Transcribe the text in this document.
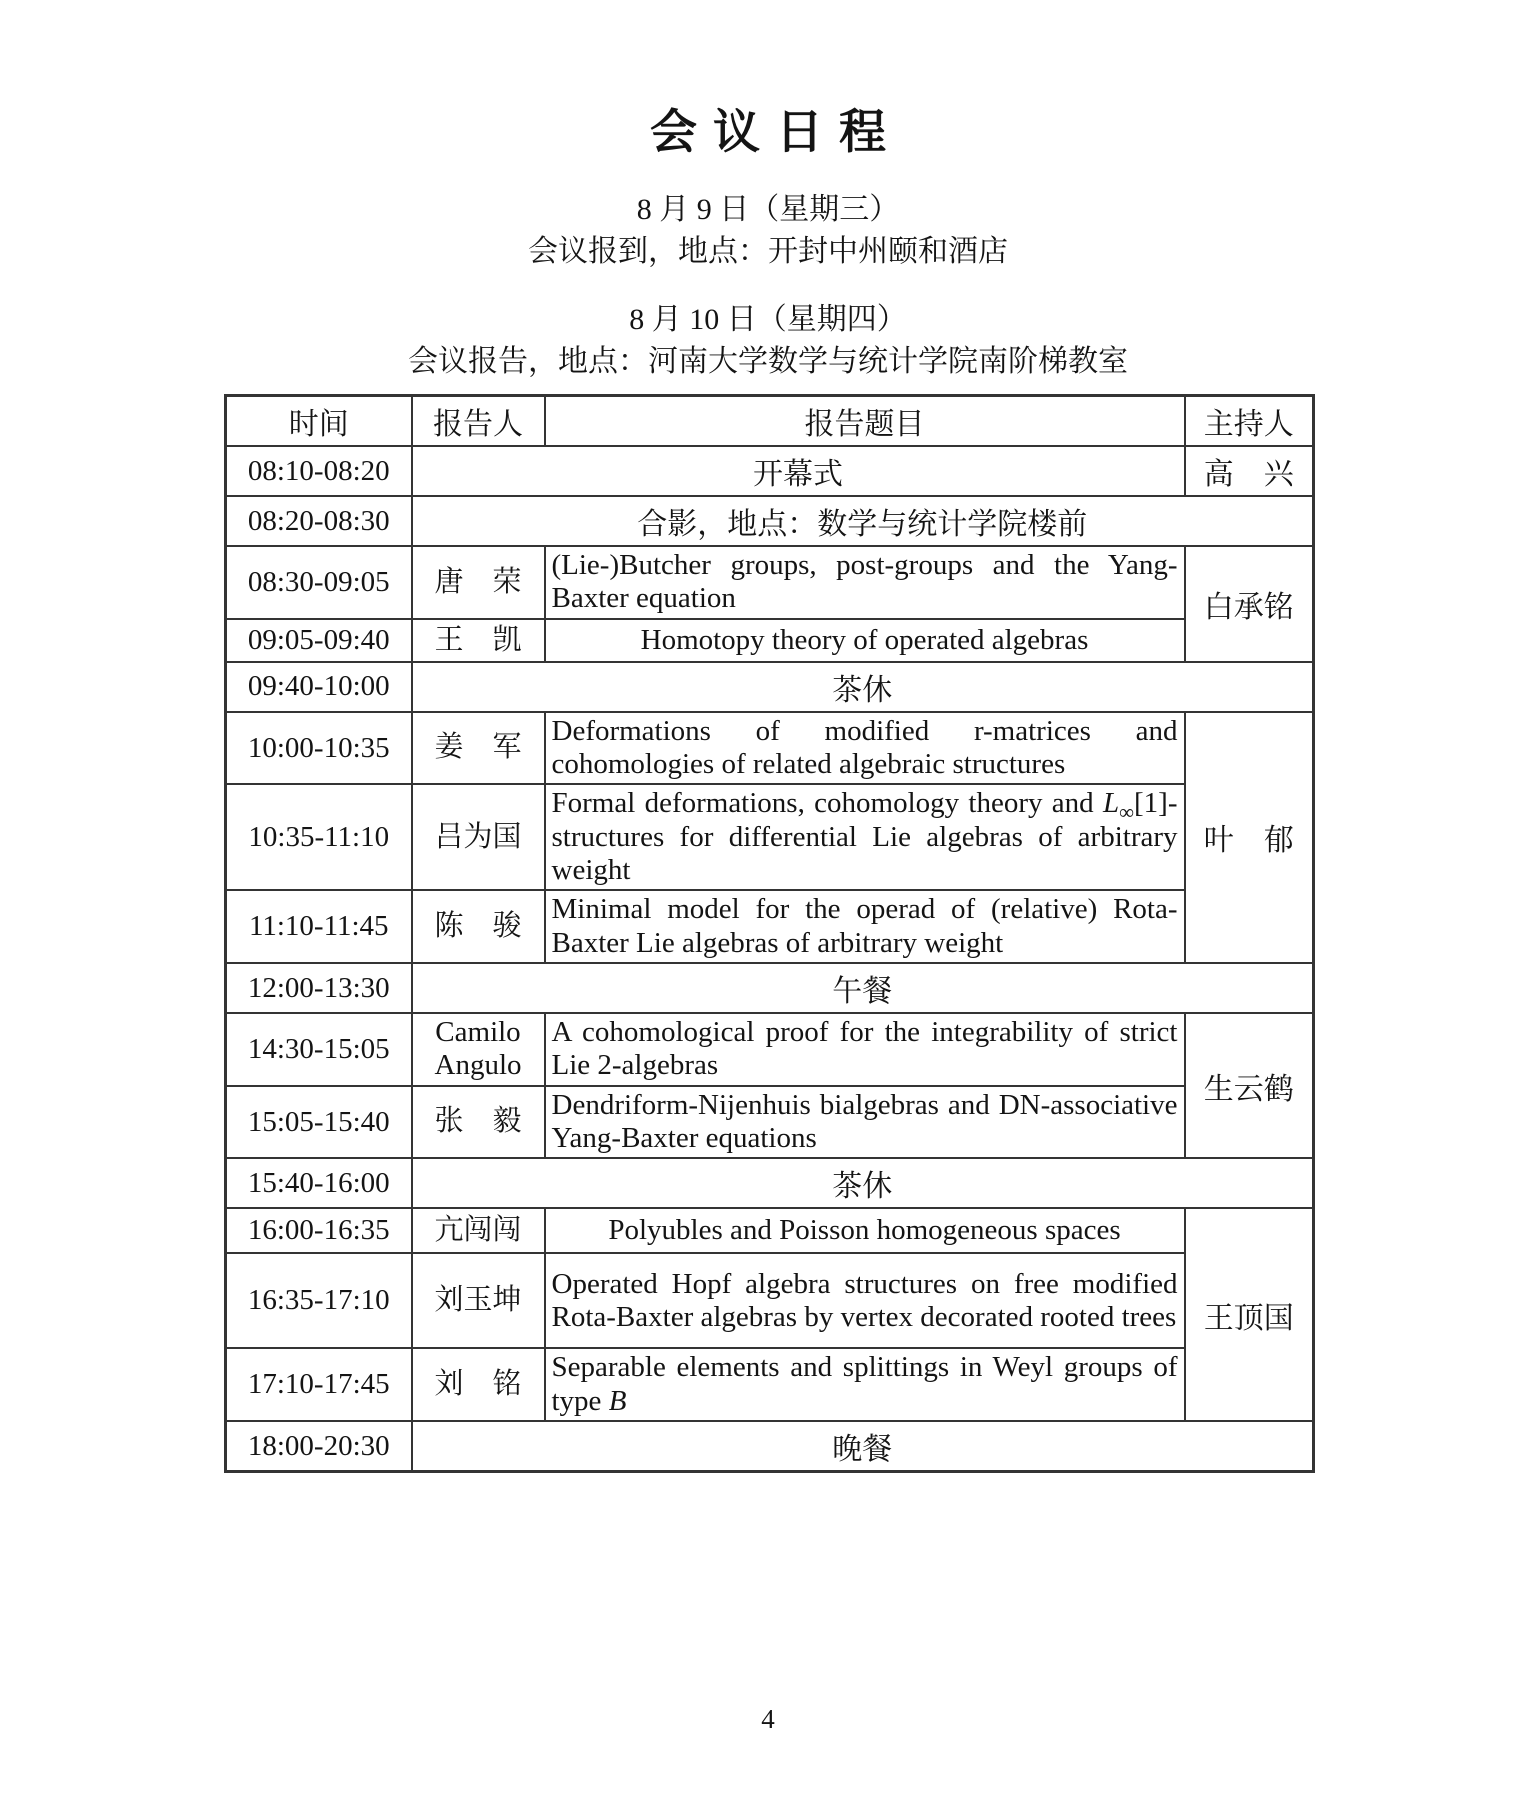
会议日程
8 月 9 日（星期三）
会议报到，地点：开封中州颐和酒店
8 月 10 日（星期四）
会议报告，地点：河南大学数学与统计学院南阶梯教室
时间	报告人	报告题目	主持人
08:10-08:20	开幕式		高　兴
08:20-08:30	合影，地点：数学与统计学院楼前		
08:30-09:05	唐　荣	(Lie-)Butcher groups, post-groups and the Yang-Baxter equation	白承铭
09:05-09:40	王　凯	Homotopy theory of operated algebras	
09:40-10:00	茶休		
10:00-10:35	姜　军	Deformations of modified r-matrices and cohomologies of related algebraic structures	叶　郁
10:35-11:10	吕为国	Formal deformations, cohomology theory and $L_\infty[1]$-structures for differential Lie algebras of arbitrary weight	
11:10-11:45	陈　骏	Minimal model for the operad of (relative) Rota-Baxter Lie algebras of arbitrary weight	
12:00-13:30	午餐		
14:30-15:05	Camilo Angulo	A cohomological proof for the integrability of strict Lie 2-algebras	生云鹤
15:05-15:40	张　毅	Dendriform-Nijenhuis bialgebras and DN-associative Yang-Baxter equations	
15:40-16:00	茶休		
16:00-16:35	亢闯闯	Polyubles and Poisson homogeneous spaces	王顶国
16:35-17:10	刘玉坤	Operated Hopf algebra structures on free modified Rota-Baxter algebras by vertex decorated rooted trees	
17:10-17:45	刘　铭	Separable elements and splittings in Weyl groups of type B	
18:00-20:30	晚餐		
4
